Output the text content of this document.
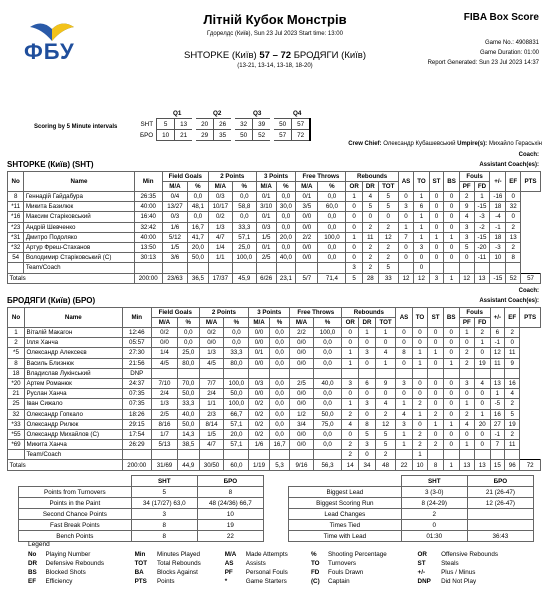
ФБУ
Літній Кубок Монстрів
Гдорелдс (Київ), Sun 23 Jul 2023 Start time: 13:00
FIBA Box Score
Game No.: 4908831
Game Duration: 01:00
Report Generated: Sun 23 Jul 2023 14:37
SHTOPKE (Київ) 57 – 72 БРОДЯГИ (Київ)
(13-21, 13-14, 13-18, 18-20)
Q1	Q2	Q3	Q4
Scoring by 5 Minute intervals	SHT	5	13	20	26	32	39	50	57
БРО	10	21	29	35	50	52	57	72
Crew Chief: Олександр Кубашевський Umpire(s): Михайло Герасьхін
Coach:
SHTOPKE (Київ) (SHT)	Assistant Coach(es):
No	Name	Min	Field Goals		2 Points		3 Points		Free Throws		Rebounds			AS	TO	ST	BS	Fouls		+/-	EF	PTS
			M/A	%	M/A	%	M/A	%	M/A	%	OR	DR	TOT					PF	FD			
8	Геннадій Гайдабура	26:35	0/4	0,0	0/3	0,0	0/1	0,0	0/1	0,0	1	4	5	0	1	0	0	2	1	-16	0	
*11	Микита Базилюк	40:00	13/27	48,1	10/17	58,8	3/10	30,0	3/5	60,0	0	5	5	3	6	0	0	9	-15	18	32	
*16	Максим Старіковський	16:40	0/3	0,0	0/2	0,0	0/1	0,0	0/0	0,0	0	0	0	0	1	0	0	4	-3	-4	0	
*23	Андрій Шевченко	32:42	1/6	16,7	1/3	33,3	0/3	0,0	0/0	0,0	0	2	2	1	1	0	0	3	-2	-1	2	
*31	Дмитро Подоляко	40:00	5/12	41,7	4/7	57,1	1/5	20,0	2/2	100,0	1	11	12	7	1	1	1	3	-15	18	13	
*32	Артур Фреш-Стаханов	13:50	1/5	20,0	1/4	25,0	0/1	0,0	0/0	0,0	0	2	2	0	3	0	0	5	-20	-3	2	
54	Володимир Старіковський (С)	30:13	3/6	50,0	1/1	100,0	2/5	40,0	0/0	0,0	0	2	2	0	0	0	0	0	-11	10	8	
	Team/Coach										3	2	5		0							
Totals		200:00	23/63	36,5	17/37	45,9	6/26	23,1	5/7	71,4	5	28	33	12	12	3	1	12	13	-15	52	57
Coach:
БРОДЯГИ (Київ) (БРО)	Assistant Coach(es):
No	Name	Min	Field Goals		2 Points		3 Points		Free Throws		Rebounds			AS	TO	ST	BS	Fouls		+/-	EF	PTS
			M/A	%	M/A	%	M/A	%	M/A	%	OR	DR	TOT					PF	FD			
1	Віталій Макагон	12:46	0/2	0,0	0/2	0,0	0/0	0,0	2/2	100,0	0	1	1	0	0	0	0	1	2	6	2	
2	Ілля Ханча	05:57	0/0	0,0	0/0	0,0	0/0	0,0	0/0	0,0	0	0	0	0	0	0	0	0	1	-1	0	
*5	Олександр Алексеєв	27:30	1/4	25,0	1/3	33,3	0/1	0,0	0/0	0,0	1	3	4	8	1	1	0	2	0	12	11	
8	Василь Близнюк	21:56	4/5	80,0	4/5	80,0	0/0	0,0	0/0	0,0	1	0	1	0	1	0	1	2	19	11	9	
18	Владислав Лукінський	DNP																				
*20	Артем Романюк	24:37	7/10	70,0	7/7	100,0	0/3	0,0	2/5	40,0	3	6	9	3	0	0	0	3	4	13	16	
21	Руслан Ханча	07:35	2/4	50,0	2/4	50,0	0/0	0,0	0/0	0,0	0	0	0	0	0	0	0	0	0	1	4	
25	Іван Сижало	07:35	1/3	33,3	1/1	100,0	0/2	0,0	0/0	0,0	1	3	4	1	2	0	0	1	0	-5	2	
32	Олександр Гопкало	18:26	2/5	40,0	2/3	66,7	0/2	0,0	1/2	50,0	2	0	2	4	1	2	0	2	1	16	5	
*33	Олександр Рилюк	29:15	8/16	50,0	8/14	57,1	0/2	0,0	3/4	75,0	4	8	12	3	0	1	1	4	20	27	19	
*55	Олександр Михайлов (С)	17:54	1/7	14,3	1/5	20,0	0/2	0,0	0/0	0,0	0	5	5	1	2	0	0	0	0	-1	2	
*69	Микита Ханча	26:29	5/13	38,5	4/7	57,1	1/6	16,7	0/0	0,0	2	3	5	1	2	2	0	1	0	7	11	
	Team/Coach										2	0	2		1							
Totals		200:00	31/69	44,9	30/50	60,0	1/19	5,3	9/16	56,3	14	34	48	22	10	8	1	13	13	15	96	72
	SHT	БРО
Points from Turnovers	5	8
Points in the Paint	34 (17/27) 63,0	48 (24/36) 66,7
Second Chance Points	3	10
Fast Break Points	8	19
Bench Points	8	22
	SHT	БРО
Biggest Lead	3 (3-0)	21 (26-47)
Biggest Scoring Run	8 (24-29)	12 (26-47)
Lead Changes	2	
Times Tied	0	
Time with Lead	01:30	36:43
Legend
No	Playing Number	Min	Minutes Played	M/A	Made Attempts	%	Shooting Percentage	OR	Offensive Rebounds
DR	Defensive Rebounds	TOT	Total Rebounds	AS	Assists	TO	Turnovers	ST	Steals
BS	Blocked Shots	BA	Blocks Against	PF	Personal Fouls	FD	Fouls Drawn	+/-	Plus / Minus
EF	Efficiency	PTS	Points	*	Game Starters	(C)	Captain	DNP	Did Not Play
